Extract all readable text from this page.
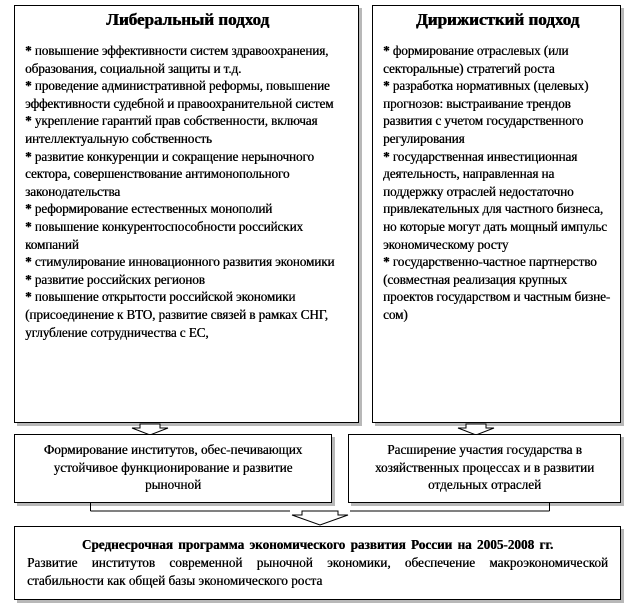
Либеральный подход

* повышение эффективности систем здравоохранения, образования, социальной защиты и т.д.

* проведение административной реформы, повышение эффективности судебной и правоохранительной систем

* укрепление гарантий прав собственности, включая интеллектуальную собственность

* развитие конкуренции и сокращение нерыночного сектора, совершенствование антимонопольного законодательства

* реформирование естественных монополий

* повышение конкурентоспособности российских компаний

* стимулирование инновационного развития экономики

* развитие российских регионов

* повышение открытости российской экономики (присоединение к ВТО, развитие связей в рамках СНГ, углубление сотрудничества с ЕС,

Дирижисткий подход

* формирование отраслевых (или секторальные) стратегий роста

* разработка нормативных (целевых) прогнозов: выстраивание трендов развития с учетом государственного регулирования

* государственная инвестиционная деятельность, направленная на поддержку отраслей недостаточно привлекательных для частного бизнеса, но которые могут дать мощный импульс экономическому росту

* государственно-частное партнерство (совместная реализация крупных проектов государством и частным бизне-сом)

Формирование институтов, обес-печивающих устойчивое функционирование и развитие рыночной
Расширение участия государства в хозяйственных процессах и в развитии отдельных отраслей
Среднесрочная программа экономического развития России на 2005-2008 гг.
Развитие институтов современной рыночной экономики, обеспечение макроэкономической стабильности как общей базы экономического роста
